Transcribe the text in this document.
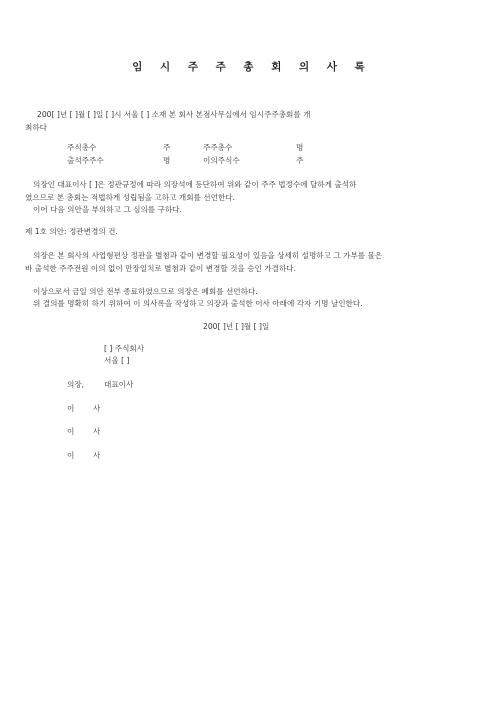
임 시 주 주 총 회 의 사 록
200[ ]년 [ ]월 [ ]일 [ ]시 서울 [ ] 소재 본 회사 본점사무실에서 임시주주총회를 개
최하다
주식총수	주	주주총수	명
출석주주수	명	이의주식수	주
의장인 대표이사 [ ]은 정관규정에 따라 의장석에 등단하여 위와 같이 주주 법정수에 달하게 출석하
였으므로 본 총회는 적법하게 성립됨을 고하고 개회를 선언한다.
이어 다음 의안을 부의하고 그 심의를 구하다.
제 1호 의안: 정관변경의 건.
의장은 본 회사의 사업형편상 정관을 별첨과 같이 변경할 필요성이 있음을 상세히 설명하고 그 가부를 물은
바 출석한 주주전원 이의 없이 만장일치로 별첨과 같이 변경할 것을 승인 가결하다.
이상으로서 금일 의안 전부 종료하였으므로 의장은 폐회를 선언하다.
위 결의를 명확히 하기 위하여 이 의사록을 작성하고 의장과 출석한 이사 아래에 각자 기명 날인한다.
200[ ]년 [ ]월 [ ]일
[ ] 주식회사
서울 [ ]
의장,	대표이사
이 사
이 사
이 사
